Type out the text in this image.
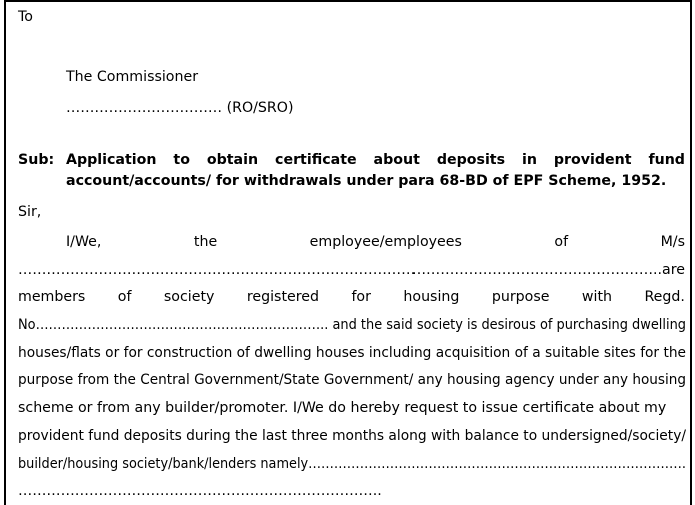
To
The Commissioner
…………………………… (RO/SRO)
Sub: Application to obtain certificate about deposits in provident fund
account/accounts/ for withdrawals under para 68-BD of EPF Scheme, 1952.
Sir,
I/We,	the	employee/employees	of	M/s
…………………………………………………………………………
……………………………………………..are
members of society registered for housing purpose with Regd.
No………………………………………………………….. and the said society is desirous of purchasing dwelling
houses/flats or for construction of dwelling houses including acquisition of a suitable sites for the
purpose from the Central Government/State Government/ any housing agency under any housing
scheme or from any builder/promoter. I/We do hereby request to issue certificate about my
provident fund deposits during the last three months along with balance to undersigned/society/
builder/housing society/bank/lenders namely…………………………………………………………………………….
…………………………………………………………………..
